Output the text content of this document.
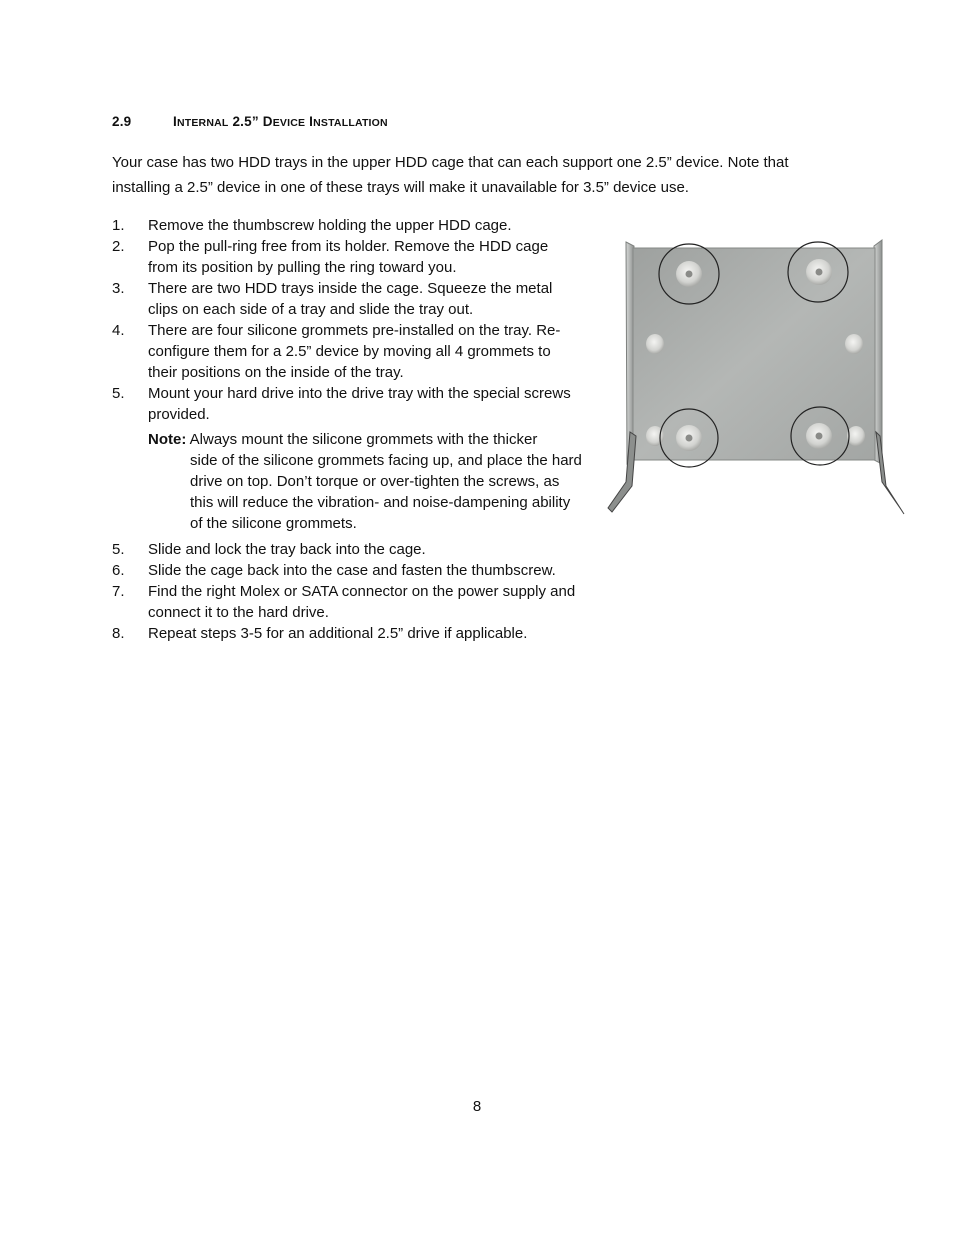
2.9	INTERNAL 2.5” DEVICE INSTALLATION

Your case has two HDD trays in the upper HDD cage that can each support one 2.5” device. Note that installing a 2.5” device in one of these trays will make it unavailable for 3.5” device use.

1. Remove the thumbscrew holding the upper HDD cage.
2. Pop the pull-ring free from its holder. Remove the HDD cage from its position by pulling the ring toward you.
3. There are two HDD trays inside the cage. Squeeze the metal clips on each side of a tray and slide the tray out.
4. There are four silicone grommets pre-installed on the tray. Re-configure them for a 2.5” device by moving all 4 grommets to their positions on the inside of the tray.
5. Mount your hard drive into the drive tray with the special screws provided.
Note: Always mount the silicone grommets with the thicker
side of the silicone grommets facing up, and place the hard drive on top. Don’t torque or over-tighten the screws, as this will reduce the vibration- and noise-dampening ability of the silicone grommets.
5. Slide and lock the tray back into the cage.
6. Slide the cage back into the case and fasten the thumbscrew.
7. Find the right Molex or SATA connector on the power supply and connect it to the hard drive.
8. Repeat steps 3-5 for an additional 2.5” drive if applicable.
8
